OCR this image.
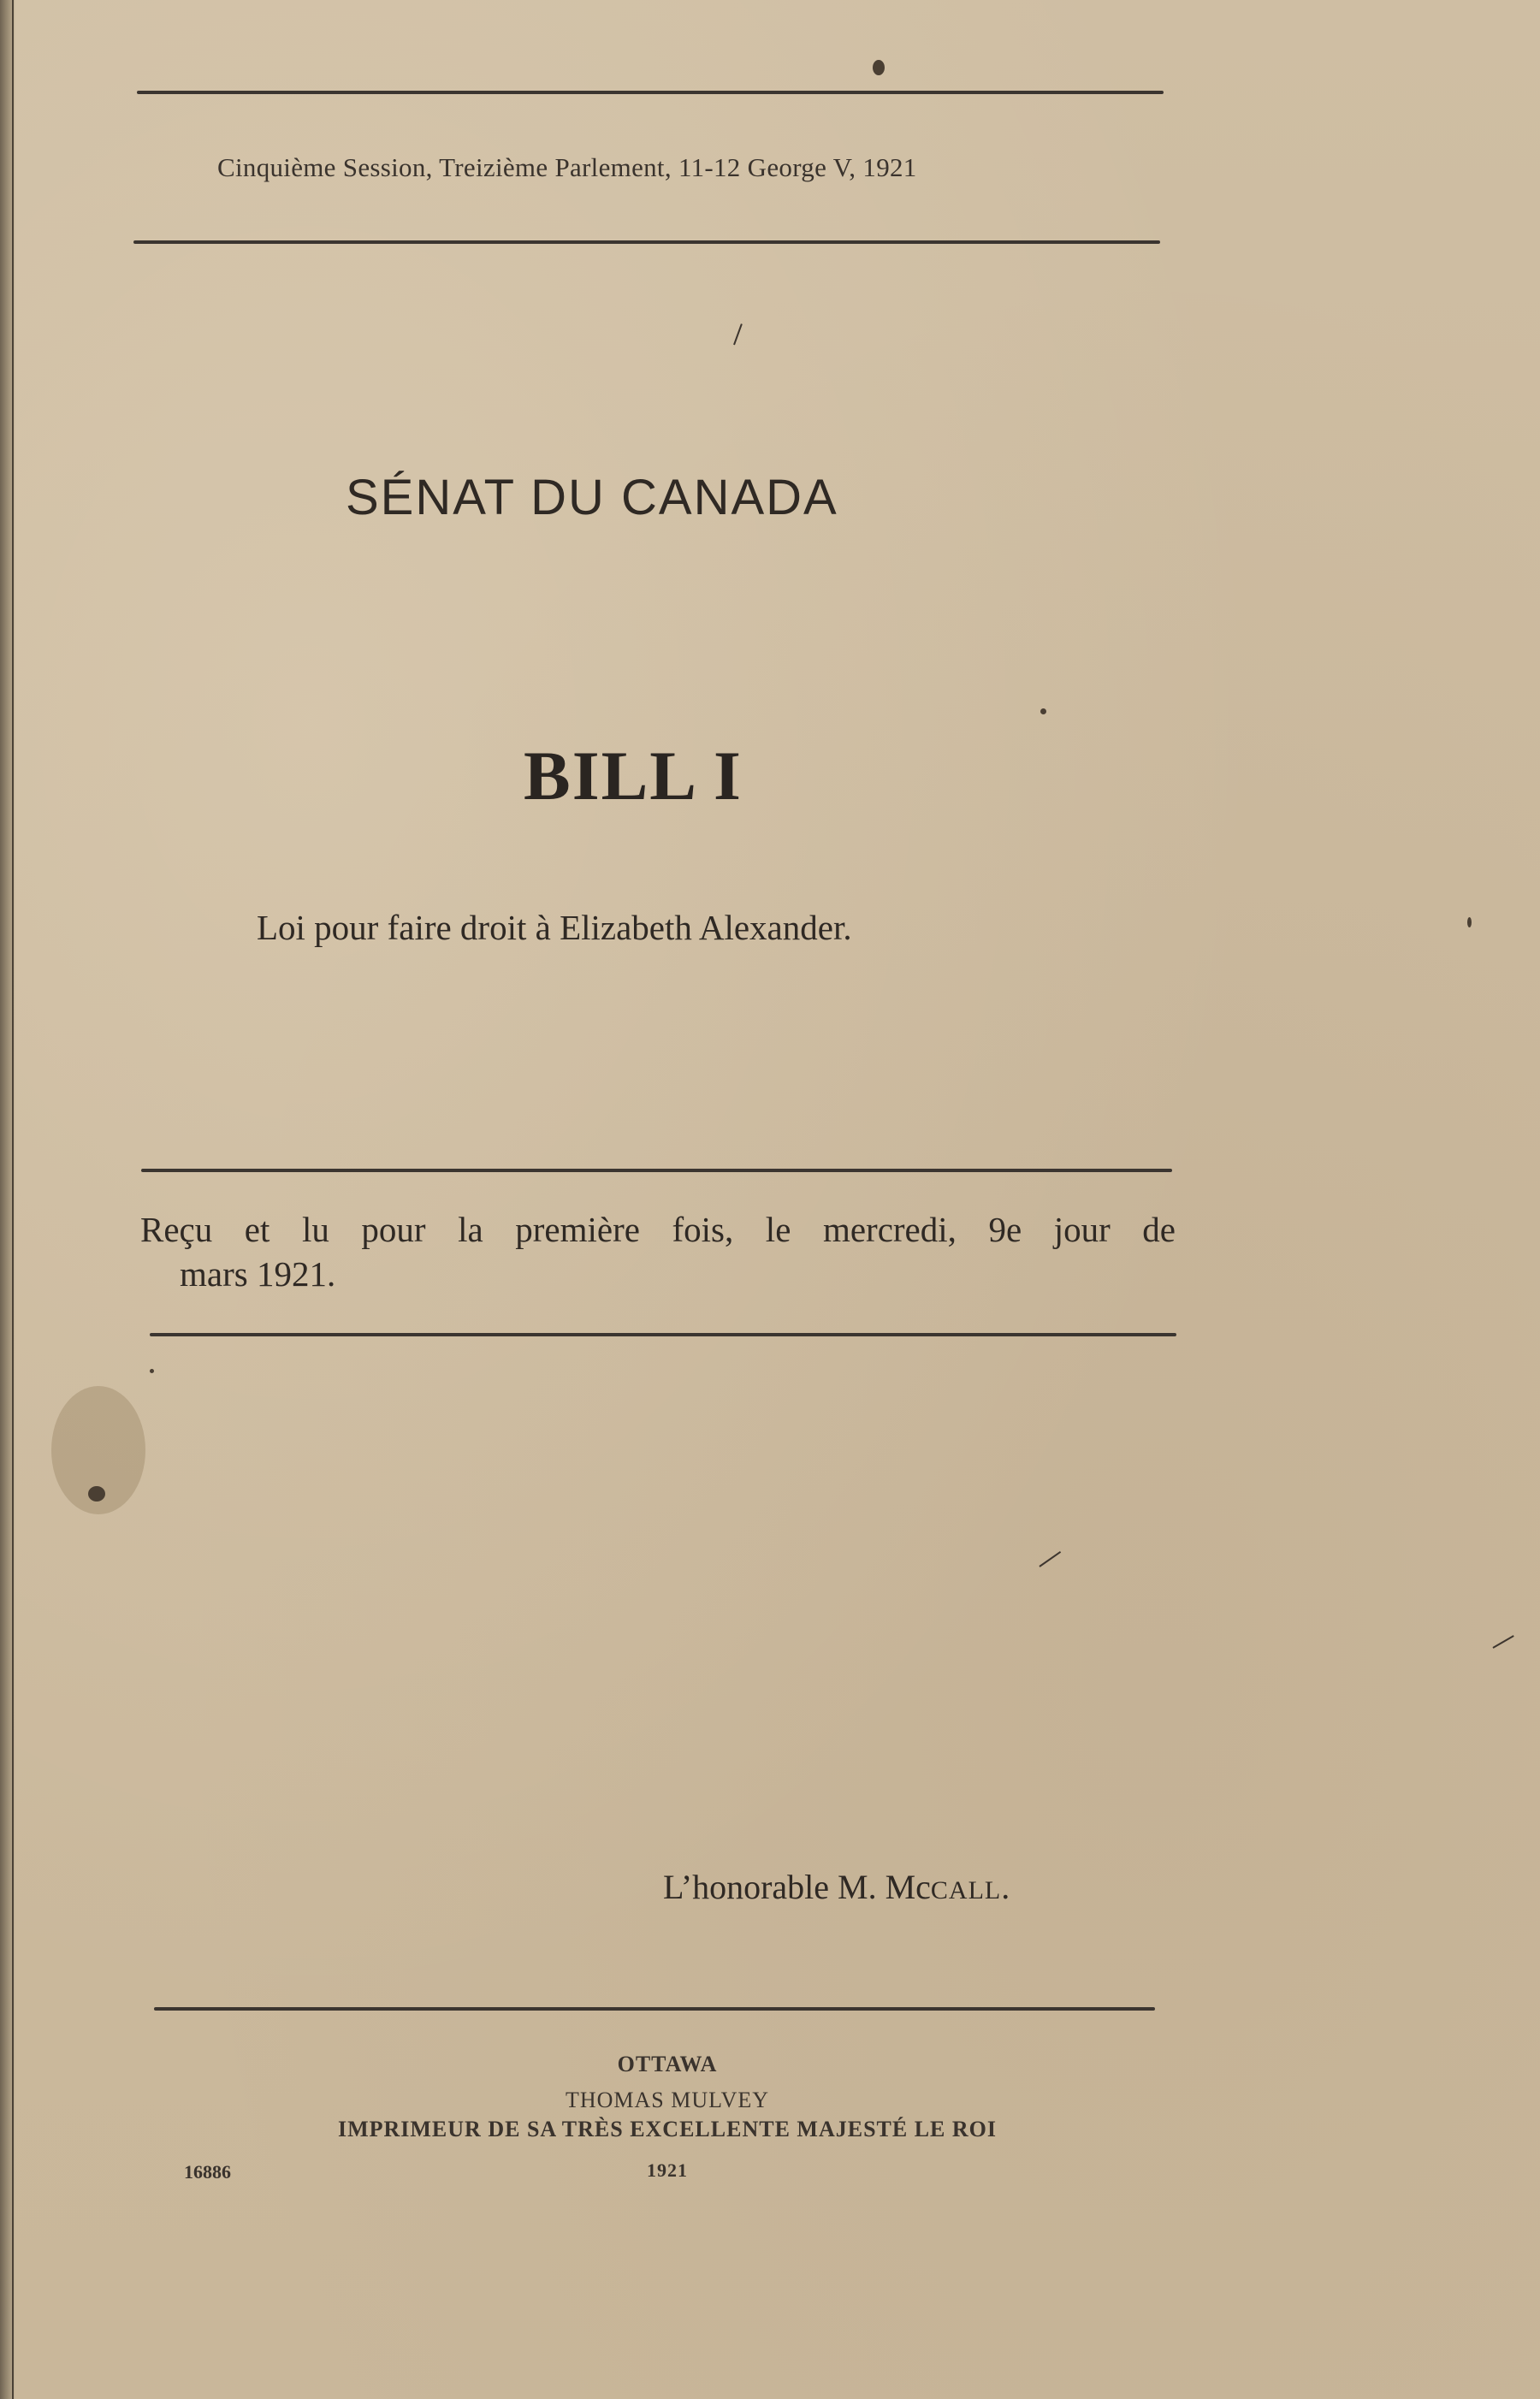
Cinquième Session, Treizième Parlement, 11-12 George V, 1921
SÉNAT DU CANADA
BILL I
Loi pour faire droit à Elizabeth Alexander.
Reçu et lu pour la première fois, le mercredi, 9e jour de
mars 1921.
L’honorable M. McCALL.
OTTAWA
THOMAS MULVEY
IMPRIMEUR DE SA TRÈS EXCELLENTE MAJESTÉ LE ROI
1921
16886
